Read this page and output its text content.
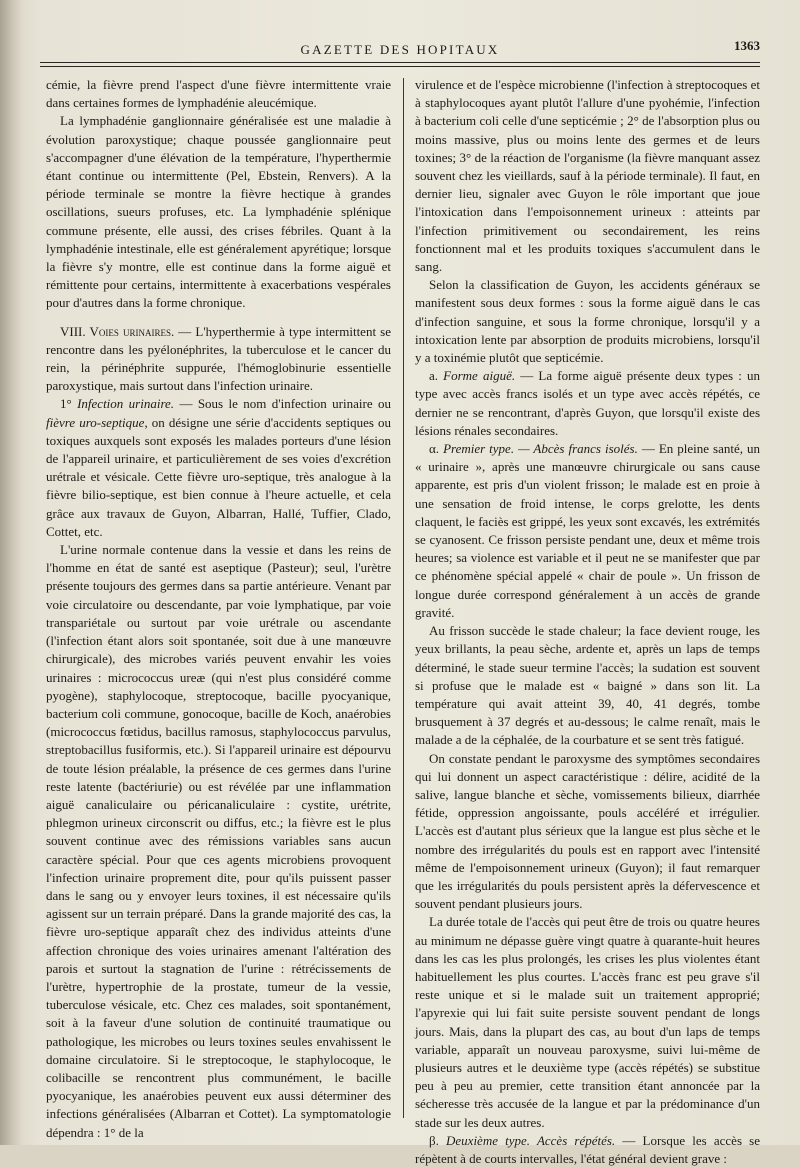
GAZETTE DES HOPITAUX	1363

cémie, la fièvre prend l'aspect d'une fièvre intermittente vraie dans certaines formes de lymphadénie aleucémique.

La lymphadénie ganglionnaire généralisée est une maladie à évolution paroxystique; chaque poussée ganglionnaire peut s'accompagner d'une élévation de la température, l'hyperthermie étant continue ou intermittente (Pel, Ebstein, Renvers). A la période terminale se montre la fièvre hectique à grandes oscillations, sueurs profuses, etc. La lymphadénie splénique commune présente, elle aussi, des crises fébriles. Quant à la lymphadénie intestinale, elle est généralement apyrétique; lorsque la fièvre s'y montre, elle est continue dans la forme aiguë et rémittente pour certains, intermittente à exacerbations vespérales pour d'autres dans la forme chronique.

VIII. Voies urinaires. — L'hyperthermie à type intermittent se rencontre dans les pyélonéphrites, la tuberculose et le cancer du rein, la périnéphrite suppurée, l'hémoglobinurie essentielle paroxystique, mais surtout dans l'infection urinaire.

1° Infection urinaire. — Sous le nom d'infection urinaire ou fièvre uro-septique, on désigne une série d'accidents septiques ou toxiques auxquels sont exposés les malades porteurs d'une lésion de l'appareil urinaire, et particulièrement de ses voies d'excrétion urétrale et vésicale. Cette fièvre uro-septique, très analogue à la fièvre bilio-septique, est bien connue à l'heure actuelle, et cela grâce aux travaux de Guyon, Albarran, Hallé, Tuffier, Clado, Cottet, etc.

L'urine normale contenue dans la vessie et dans les reins de l'homme en état de santé est aseptique (Pasteur); seul, l'urètre présente toujours des germes dans sa partie antérieure. Venant par voie circulatoire ou descendante, par voie lymphatique, par voie transpariétale ou surtout par voie urétrale ou ascendante (l'infection étant alors soit spontanée, soit due à une manœuvre chirurgicale), des microbes variés peuvent envahir les voies urinaires : micrococcus ureæ (qui n'est plus considéré comme pyogène), staphylocoque, streptocoque, bacille pyocyanique, bacterium coli commune, gonocoque, bacille de Koch, anaérobies (micrococcus fœtidus, bacillus ramosus, staphylococcus parvulus, streptobacillus fusiformis, etc.). Si l'appareil urinaire est dépourvu de toute lésion préalable, la présence de ces germes dans l'urine reste latente (bactériurie) ou est révélée par une inflammation aiguë canaliculaire ou péricanaliculaire : cystite, urétrite, phlegmon urineux circonscrit ou diffus, etc.; la fièvre est le plus souvent continue avec des rémissions variables sans aucun caractère spécial. Pour que ces agents microbiens provoquent l'infection urinaire proprement dite, pour qu'ils puissent passer dans le sang ou y envoyer leurs toxines, il est nécessaire qu'ils agissent sur un terrain préparé. Dans la grande majorité des cas, la fièvre uro-septique apparaît chez des individus atteints d'une affection chronique des voies urinaires amenant l'altération des parois et surtout la stagnation de l'urine : rétrécissements de l'urètre, hypertrophie de la prostate, tumeur de la vessie, tuberculose vésicale, etc. Chez ces malades, soit spontanément, soit à la faveur d'une solution de continuité traumatique ou pathologique, les microbes ou leurs toxines seules envahissent le domaine circulatoire. Si le streptocoque, le staphylocoque, le colibacille se rencontrent plus communément, le bacille pyocyanique, les anaérobies peuvent eux aussi déterminer des infections généralisées (Albarran et Cottet). La symptomatologie dépendra : 1° de la

virulence et de l'espèce microbienne (l'infection à streptocoques et à staphylocoques ayant plutôt l'allure d'une pyohémie, l'infection à bacterium coli celle d'une septicémie ; 2° de l'absorption plus ou moins massive, plus ou moins lente des germes et de leurs toxines; 3° de la réaction de l'organisme (la fièvre manquant assez souvent chez les vieillards, sauf à la période terminale). Il faut, en dernier lieu, signaler avec Guyon le rôle important que joue l'intoxication dans l'empoisonnement urineux : atteints par l'infection primitivement ou secondairement, les reins fonctionnent mal et les produits toxiques s'accumulent dans le sang.

Selon la classification de Guyon, les accidents généraux se manifestent sous deux formes : sous la forme aiguë dans le cas d'infection sanguine, et sous la forme chronique, lorsqu'il y a intoxication lente par absorption de produits microbiens, lorsqu'il y a toxinémie plutôt que septicémie.

a. Forme aiguë. — La forme aiguë présente deux types : un type avec accès francs isolés et un type avec accès répétés, ce dernier ne se rencontrant, d'après Guyon, que lorsqu'il existe des lésions rénales secondaires.

α. Premier type. — Abcès francs isolés. — En pleine santé, un « urinaire », après une manœuvre chirurgicale ou sans cause apparente, est pris d'un violent frisson; le malade est en proie à une sensation de froid intense, le corps grelotte, les dents claquent, le faciès est grippé, les yeux sont excavés, les extrémités se cyanosent. Ce frisson persiste pendant une, deux et même trois heures; sa violence est variable et il peut ne se manifester que par ce phénomène spécial appelé « chair de poule ». Un frisson de longue durée correspond généralement à un accès de grande gravité.

Au frisson succède le stade chaleur; la face devient rouge, les yeux brillants, la peau sèche, ardente et, après un laps de temps déterminé, le stade sueur termine l'accès; la sudation est souvent si profuse que le malade est « baigné » dans son lit. La température qui avait atteint 39, 40, 41 degrés, tombe brusquement à 37 degrés et au-dessous; le calme renaît, mais le malade a de la céphalée, de la courbature et se sent très fatigué.

On constate pendant le paroxysme des symptômes secondaires qui lui donnent un aspect caractéristique : délire, acidité de la salive, langue blanche et sèche, vomissements bilieux, diarrhée fétide, oppression angoissante, pouls accéléré et irrégulier. L'accès est d'autant plus sérieux que la langue est plus sèche et le nombre des irrégularités du pouls est en rapport avec l'intensité même de l'empoisonnement urineux (Guyon); il faut remarquer que les irrégularités du pouls persistent après la défervescence et souvent pendant plusieurs jours.

La durée totale de l'accès qui peut être de trois ou quatre heures au minimum ne dépasse guère vingt quatre à quarante-huit heures dans les cas les plus prolongés, les crises les plus violentes étant habituellement les plus courtes. L'accès franc est peu grave s'il reste unique et si le malade suit un traitement approprié; l'apyrexie qui lui fait suite persiste souvent pendant de longs jours. Mais, dans la plupart des cas, au bout d'un laps de temps variable, apparaît un nouveau paroxysme, suivi lui-même de plusieurs autres et le deuxième type (accès répétés) se substitue peu à peu au premier, cette transition étant annoncée par la sécheresse très accusée de la langue et par la prédominance d'un stade sur les deux autres.

β. Deuxième type. Accès répétés. — Lorsque les accès se répètent à de courts intervalles, l'état général devient grave :
